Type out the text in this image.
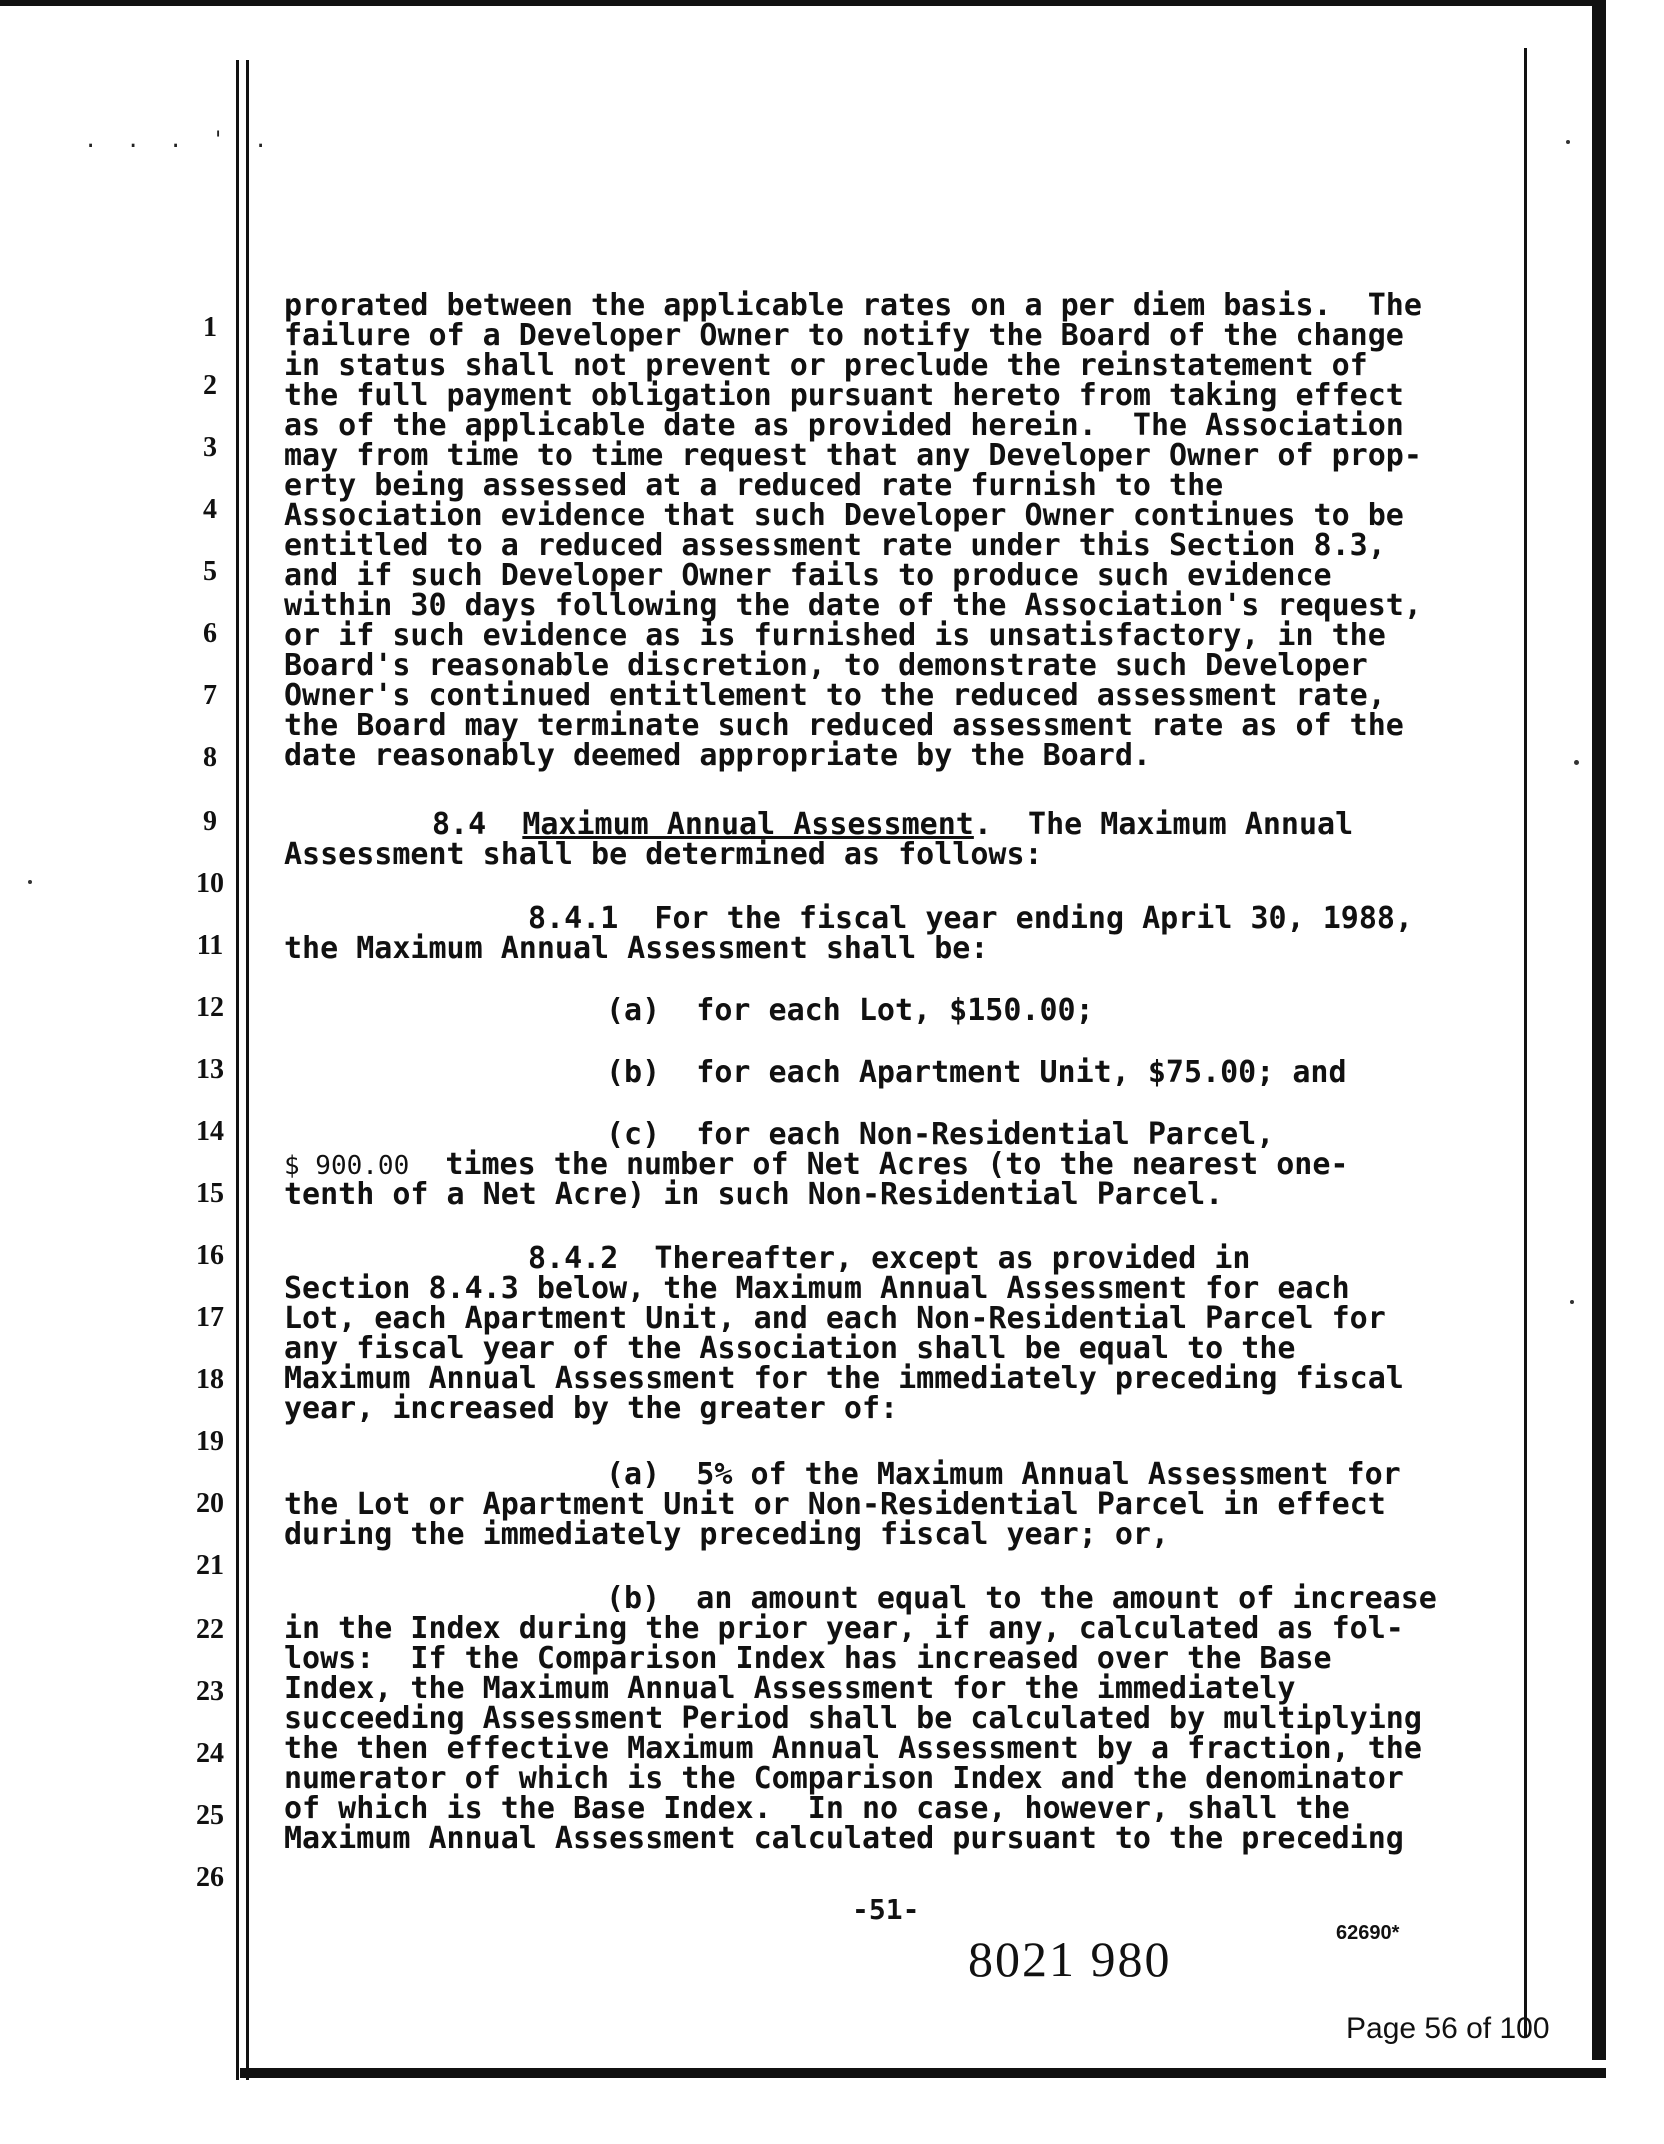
. . . ' .
1
2
3
4
5
6
7
8
9
10
11
12
13
14
15
16
17
18
19
20
21
22
23
24
25
26
prorated between the applicable rates on a per diem basis.  The
failure of a Developer Owner to notify the Board of the change
in status shall not prevent or preclude the reinstatement of
the full payment obligation pursuant hereto from taking effect
as of the applicable date as provided herein.  The Association
may from time to time request that any Developer Owner of prop-
erty being assessed at a reduced rate furnish to the
Association evidence that such Developer Owner continues to be
entitled to a reduced assessment rate under this Section 8.3,
and if such Developer Owner fails to produce such evidence
within 30 days following the date of the Association's request,
or if such evidence as is furnished is unsatisfactory, in the
Board's reasonable discretion, to demonstrate such Developer
Owner's continued entitlement to the reduced assessment rate,
the Board may terminate such reduced assessment rate as of the
date reasonably deemed appropriate by the Board.
8.4 Maximum Annual Assessment.  The Maximum Annual
Assessment shall be determined as follows:
8.4.1  For the fiscal year ending April 30, 1988,
the Maximum Annual Assessment shall be:
(a)  for each Lot, $150.00;
(b)  for each Apartment Unit, $75.00; and
(c)  for each Non-Residential Parcel,
$ 900.00 times the number of Net Acres (to the nearest one-
tenth of a Net Acre) in such Non-Residential Parcel.
8.4.2  Thereafter, except as provided in
Section 8.4.3 below, the Maximum Annual Assessment for each
Lot, each Apartment Unit, and each Non-Residential Parcel for
any fiscal year of the Association shall be equal to the
Maximum Annual Assessment for the immediately preceding fiscal
year, increased by the greater of:
(a)  5% of the Maximum Annual Assessment for
the Lot or Apartment Unit or Non-Residential Parcel in effect
during the immediately preceding fiscal year; or,
(b)  an amount equal to the amount of increase
in the Index during the prior year, if any, calculated as fol-
lows:  If the Comparison Index has increased over the Base
Index, the Maximum Annual Assessment for the immediately
succeeding Assessment Period shall be calculated by multiplying
the then effective Maximum Annual Assessment by a fraction, the
numerator of which is the Comparison Index and the denominator
of which is the Base Index.  In no case, however, shall the
Maximum Annual Assessment calculated pursuant to the preceding
-51-
8021 980	62690*
Page 56 of 100
